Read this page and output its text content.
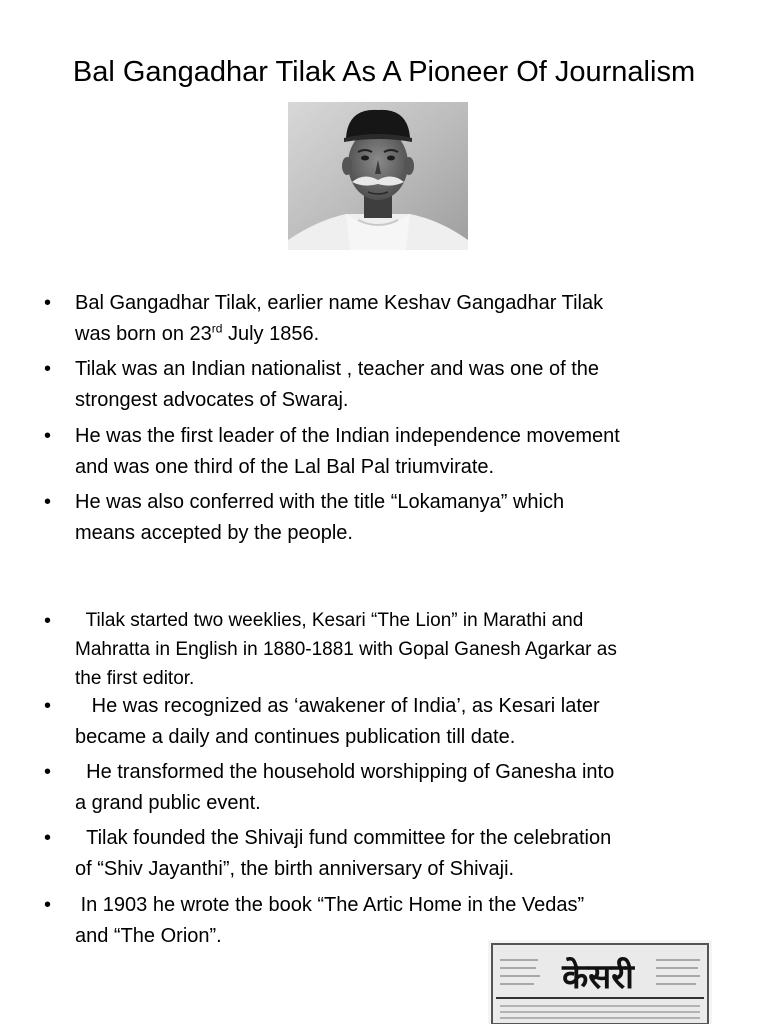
Bal Gangadhar Tilak As A Pioneer Of Journalism
•	Bal Gangadhar Tilak, earlier name Keshav Gangadhar Tilak
was born on 23rd July 1856.
•	Tilak was an Indian nationalist , teacher and was one of the
strongest advocates of Swaraj.
•	He was the first leader of the Indian independence movement
and was one third of the Lal Bal Pal triumvirate.
•	He was also conferred with the title “Lokamanya” which
means accepted by the people.
•	Tilak started two weeklies, Kesari “The Lion” in Marathi and
Mahratta in English in 1880-1881 with Gopal Ganesh Agarkar as
the first editor.
•	He was recognized as ‘awakener of India’, as Kesari later
became a daily and continues publication till date.
•	He transformed the household worshipping of Ganesha into
a grand public event.
•	Tilak founded the Shivaji fund committee for the celebration
of “Shiv Jayanthi”, the birth anniversary of Shivaji.
•	In 1903 he wrote the book “The Artic Home in the Vedas”
and “The Orion”.
केसरी
